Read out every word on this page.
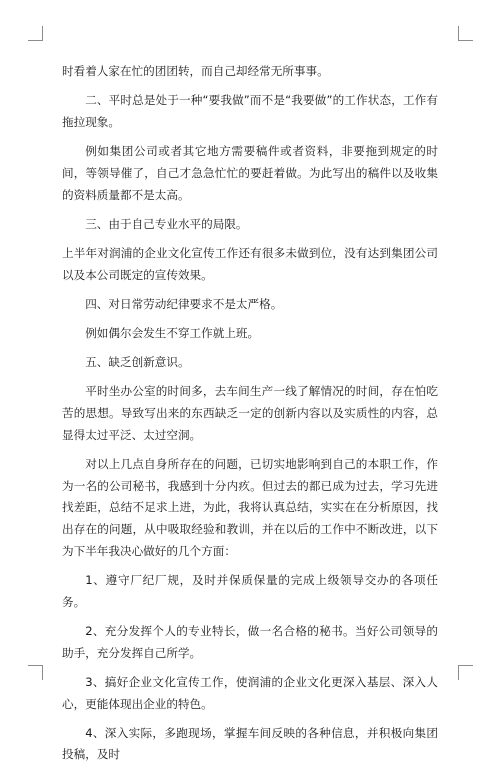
时看着人家在忙的团团转，而自己却经常无所事事。

二、平时总是处于一种“要我做”而不是“我要做”的工作状态，工作有拖拉现象。

例如集团公司或者其它地方需要稿件或者资料，非要拖到规定的时间，等领导催了，自己才急急忙忙的要赶着做。为此写出的稿件以及收集的资料质量都不是太高。

三、由于自己专业水平的局限。

上半年对润浦的企业文化宣传工作还有很多未做到位，没有达到集团公司以及本公司既定的宣传效果。

四、对日常劳动纪律要求不是太严格。

例如偶尔会发生不穿工作就上班。

五、缺乏创新意识。

平时坐办公室的时间多，去车间生产一线了解情况的时间，存在怕吃苦的思想。导致写出来的东西缺乏一定的创新内容以及实质性的内容，总显得太过平泛、太过空洞。

对以上几点自身所存在的问题，已切实地影响到自己的本职工作，作为一名的公司秘书，我感到十分内疚。但过去的都已成为过去，学习先进找差距，总结不足求上进，为此，我将认真总结，实实在在分析原因，找出存在的问题，从中吸取经验和教训，并在以后的工作中不断改进，以下为下半年我决心做好的几个方面：

1、遵守厂纪厂规，及时并保质保量的完成上级领导交办的各项任务。

2、充分发挥个人的专业特长，做一名合格的秘书。当好公司领导的助手，充分发挥自己所学。

3、搞好企业文化宣传工作，使润浦的企业文化更深入基层、深入人心，更能体现出企业的特色。

4、深入实际，多跑现场，掌握车间反映的各种信息，并积极向集团投稿，及时
